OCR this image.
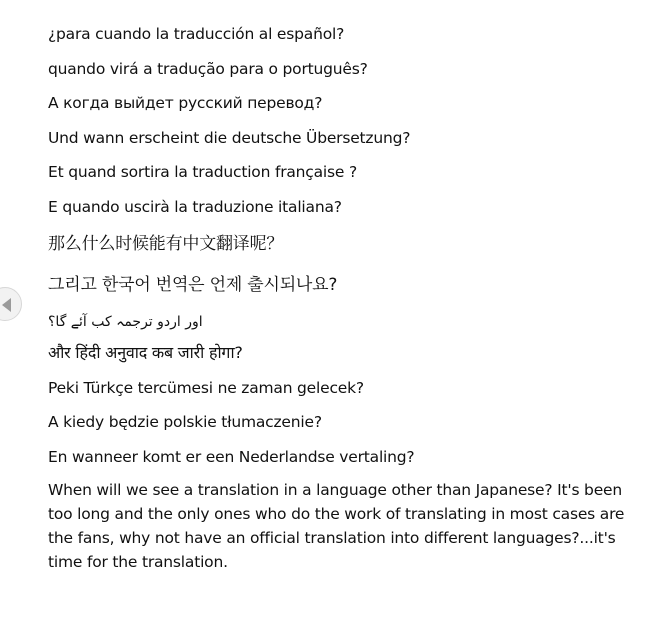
¿para cuando la traducción al español?
quando virá a tradução para o português?
А когда выйдет русский перевод?
Und wann erscheint die deutsche Übersetzung?
Et quand sortira la traduction française ?
E quando uscirà la traduzione italiana?
那么什么时候能有中文翻译呢？
그리고 한국어 번역은 언제 출시되나요?
اور اردو ترجمہ کب آئے گا؟
और हिंदी अनुवाद कब जारी होगा?
Peki Türkçe tercümesi ne zaman gelecek?
A kiedy będzie polskie tłumaczenie?
En wanneer komt er een Nederlandse vertaling?
When will we see a translation in a language other than Japanese? It's been too long and the only ones who do the work of translating in most cases are the fans, why not have an official translation into different languages?...it's time for the translation.
